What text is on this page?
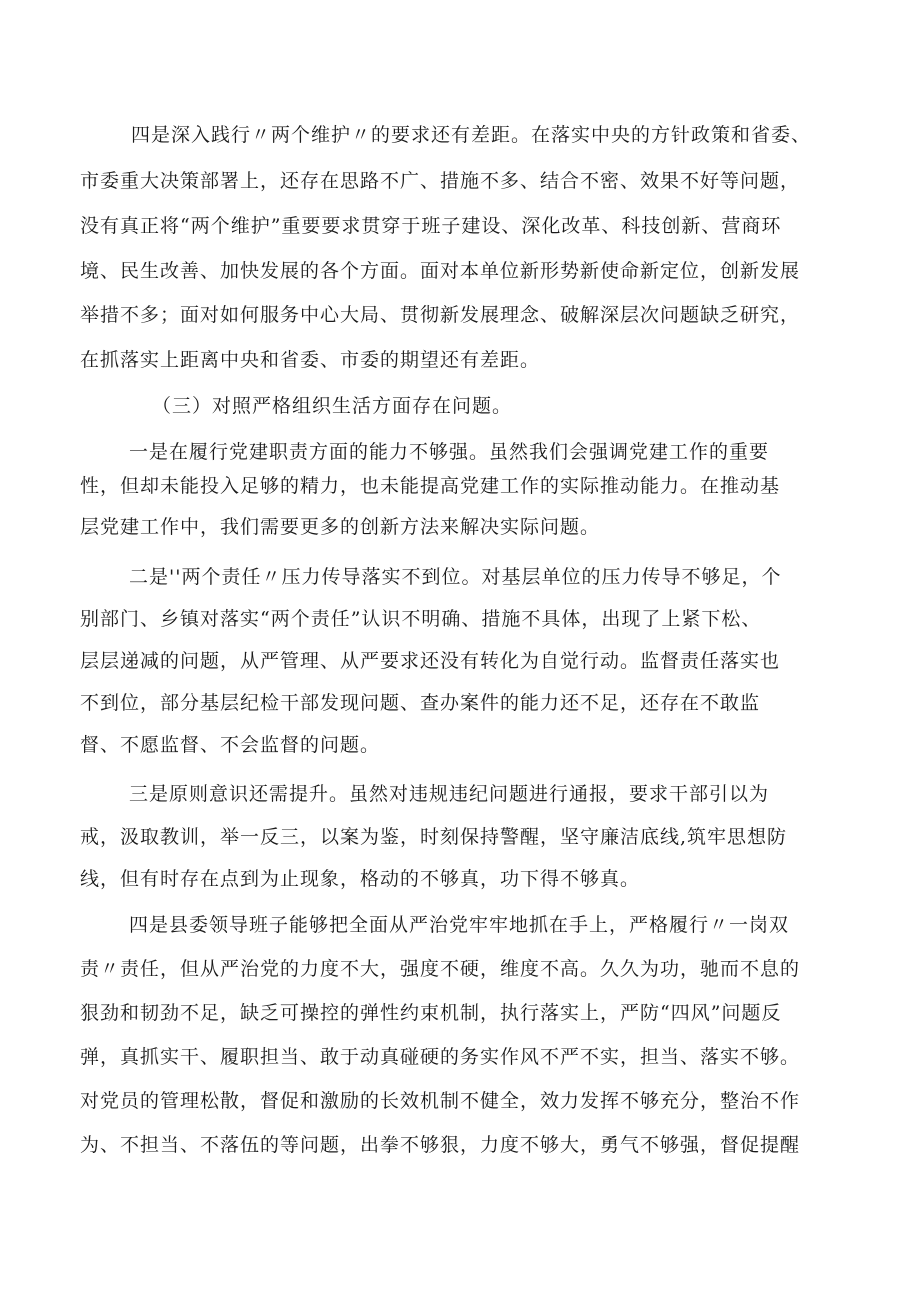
四是深入践行〃两个维护〃的要求还有差距。在落实中央的方针政策和省委、
市委重大决策部署上，还存在思路不广、措施不多、结合不密、效果不好等问题，
没有真正将“两个维护”重要要求贯穿于班子建设、深化改革、科技创新、营商环
境、民生改善、加快发展的各个方面。面对本单位新形势新使命新定位，创新发展
举措不多；面对如何服务中心大局、贯彻新发展理念、破解深层次问题缺乏研究，
在抓落实上距离中央和省委、市委的期望还有差距。
（三）对照严格组织生活方面存在问题。
一是在履行党建职责方面的能力不够强。虽然我们会强调党建工作的重要
性，但却未能投入足够的精力，也未能提高党建工作的实际推动能力。在推动基
层党建工作中，我们需要更多的创新方法来解决实际问题。
二是''两个责任〃压力传导落实不到位。对基层单位的压力传导不够足，个
别部门、乡镇对落实“两个责任”认识不明确、措施不具体，出现了上紧下松、
层层递减的问题，从严管理、从严要求还没有转化为自觉行动。监督责任落实也
不到位，部分基层纪检干部发现问题、查办案件的能力还不足，还存在不敢监
督、不愿监督、不会监督的问题。
三是原则意识还需提升。虽然对违规违纪问题进行通报，要求干部引以为
戒，汲取教训，举一反三，以案为鉴，时刻保持警醒，坚守廉洁底线,筑牢思想防
线，但有时存在点到为止现象，格动的不够真，功下得不够真。
四是县委领导班子能够把全面从严治党牢牢地抓在手上，严格履行〃一岗双
责〃责任，但从严治党的力度不大，强度不硬，维度不高。久久为功，驰而不息的
狠劲和韧劲不足，缺乏可操控的弹性约束机制，执行落实上，严防“四风”问题反
弹，真抓实干、履职担当、敢于动真碰硬的务实作风不严不实，担当、落实不够。
对党员的管理松散，督促和激励的长效机制不健全，效力发挥不够充分，整治不作
为、不担当、不落伍的等问题，出拳不够狠，力度不够大，勇气不够强，督促提醒
